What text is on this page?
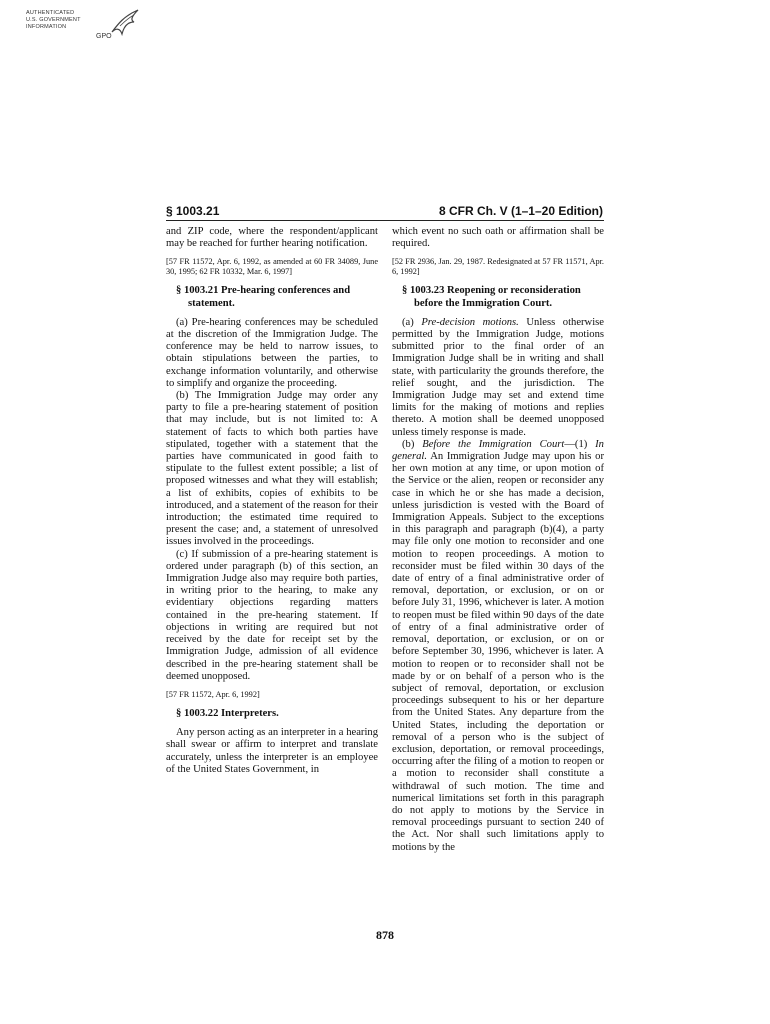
AUTHENTICATED
U.S. GOVERNMENT
INFORMATION
GPO
§ 1003.21	8 CFR Ch. V (1–1–20 Edition)

and ZIP code, where the respondent/applicant may be reached for further hearing notification.

[57 FR 11572, Apr. 6, 1992, as amended at 60 FR 34089, June 30, 1995; 62 FR 10332, Mar. 6, 1997]

§ 1003.21 Pre-hearing conferences and statement.

(a) Pre-hearing conferences may be scheduled at the discretion of the Immigration Judge. The conference may be held to narrow issues, to obtain stipulations between the parties, to exchange information voluntarily, and otherwise to simplify and organize the proceeding.

(b) The Immigration Judge may order any party to file a pre-hearing statement of position that may include, but is not limited to: A statement of facts to which both parties have stipulated, together with a statement that the parties have communicated in good faith to stipulate to the fullest extent possible; a list of proposed witnesses and what they will establish; a list of exhibits, copies of exhibits to be introduced, and a statement of the reason for their introduction; the estimated time required to present the case; and, a statement of unresolved issues involved in the proceedings.

(c) If submission of a pre-hearing statement is ordered under paragraph (b) of this section, an Immigration Judge also may require both parties, in writing prior to the hearing, to make any evidentiary objections regarding matters contained in the pre-hearing statement. If objections in writing are required but not received by the date for receipt set by the Immigration Judge, admission of all evidence described in the pre-hearing statement shall be deemed unopposed.

[57 FR 11572, Apr. 6, 1992]

§ 1003.22 Interpreters.

Any person acting as an interpreter in a hearing shall swear or affirm to interpret and translate accurately, unless the interpreter is an employee of the United States Government, in

which event no such oath or affirmation shall be required.

[52 FR 2936, Jan. 29, 1987. Redesignated at 57 FR 11571, Apr. 6, 1992]

§ 1003.23 Reopening or reconsideration before the Immigration Court.

(a) Pre-decision motions. Unless otherwise permitted by the Immigration Judge, motions submitted prior to the final order of an Immigration Judge shall be in writing and shall state, with particularity the grounds therefore, the relief sought, and the jurisdiction. The Immigration Judge may set and extend time limits for the making of motions and replies thereto. A motion shall be deemed unopposed unless timely response is made.

(b) Before the Immigration Court—(1) In general. An Immigration Judge may upon his or her own motion at any time, or upon motion of the Service or the alien, reopen or reconsider any case in which he or she has made a decision, unless jurisdiction is vested with the Board of Immigration Appeals. Subject to the exceptions in this paragraph and paragraph (b)(4), a party may file only one motion to reconsider and one motion to reopen proceedings. A motion to reconsider must be filed within 30 days of the date of entry of a final administrative order of removal, deportation, or exclusion, or on or before July 31, 1996, whichever is later. A motion to reopen must be filed within 90 days of the date of entry of a final administrative order of removal, deportation, or exclusion, or on or before September 30, 1996, whichever is later. A motion to reopen or to reconsider shall not be made by or on behalf of a person who is the subject of removal, deportation, or exclusion proceedings subsequent to his or her departure from the United States. Any departure from the United States, including the deportation or removal of a person who is the subject of exclusion, deportation, or removal proceedings, occurring after the filing of a motion to reopen or a motion to reconsider shall constitute a withdrawal of such motion. The time and numerical limitations set forth in this paragraph do not apply to motions by the Service in removal proceedings pursuant to section 240 of the Act. Nor shall such limitations apply to motions by the

878
